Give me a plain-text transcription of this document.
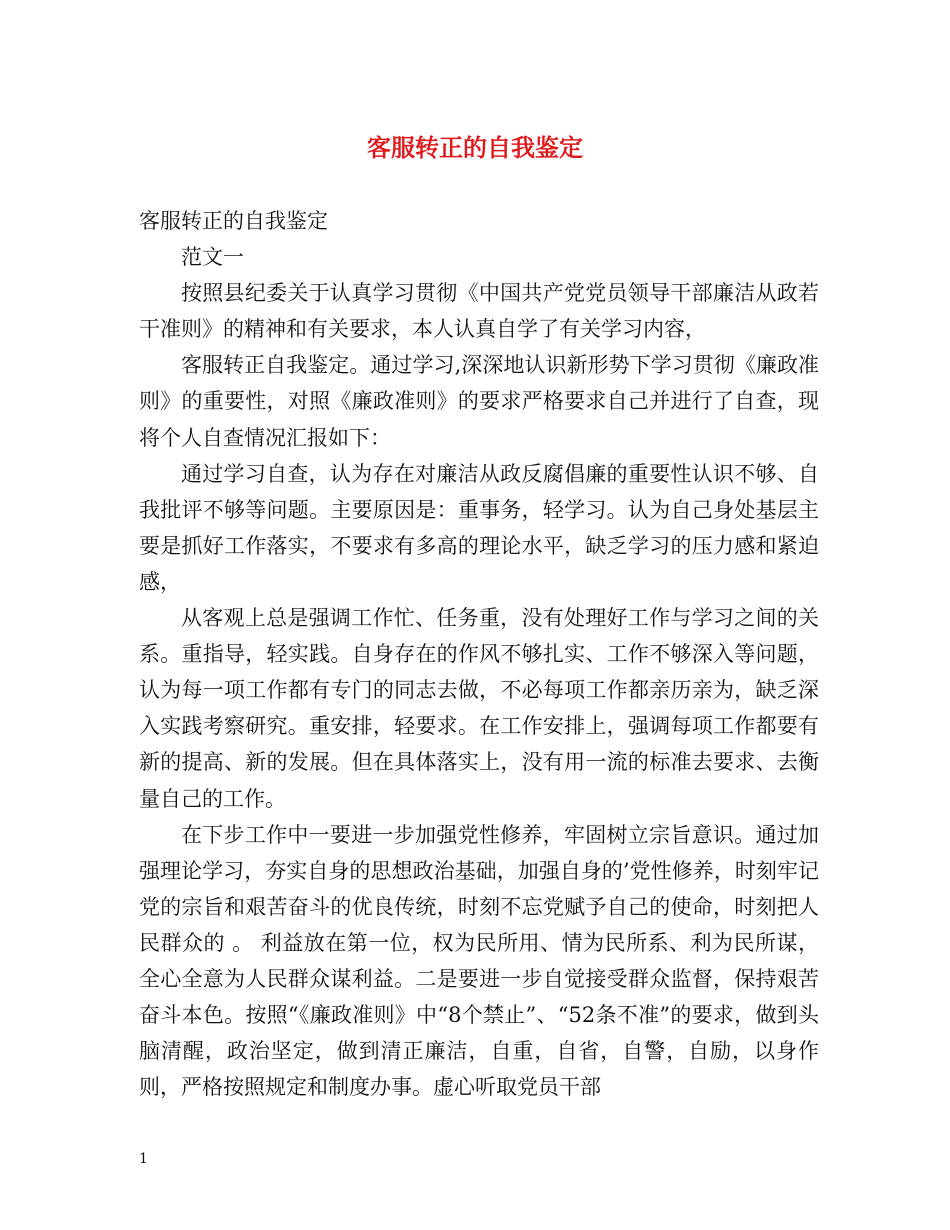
客服转正的自我鉴定

客服转正的自我鉴定

范文一

按照县纪委关于认真学习贯彻《中国共产党党员领导干部廉洁从政若干准则》的精神和有关要求，本人认真自学了有关学习内容，

客服转正自我鉴定。通过学习,深深地认识新形势下学习贯彻《廉政准则》的重要性，对照《廉政准则》的要求严格要求自己并进行了自查，现将个人自查情况汇报如下：

通过学习自查，认为存在对廉洁从政反腐倡廉的重要性认识不够、自我批评不够等问题。主要原因是：重事务，轻学习。认为自己身处基层主要是抓好工作落实，不要求有多高的理论水平，缺乏学习的压力感和紧迫感，

从客观上总是强调工作忙、任务重，没有处理好工作与学习之间的关系。重指导，轻实践。自身存在的作风不够扎实、工作不够深入等问题，认为每一项工作都有专门的同志去做，不必每项工作都亲历亲为，缺乏深入实践考察研究。重安排，轻要求。在工作安排上，强调每项工作都要有新的提高、新的发展。但在具体落实上，没有用一流的标准去要求、去衡量自己的工作。

在下步工作中一要进一步加强党性修养，牢固树立宗旨意识。通过加强理论学习，夯实自身的思想政治基础，加强自身的’党性修养，时刻牢记党的宗旨和艰苦奋斗的优良传统，时刻不忘党赋予自己的使命，时刻把人民群众的 。 利益放在第一位，权为民所用、情为民所系、利为民所谋，全心全意为人民群众谋利益。二是要进一步自觉接受群众监督，保持艰苦奋斗本色。按照“《廉政准则》中“8个禁止”、“52条不准”的要求，做到头脑清醒，政治坚定，做到清正廉洁，自重，自省，自警，自励，以身作则，严格按照规定和制度办事。虚心听取党员干部

1
